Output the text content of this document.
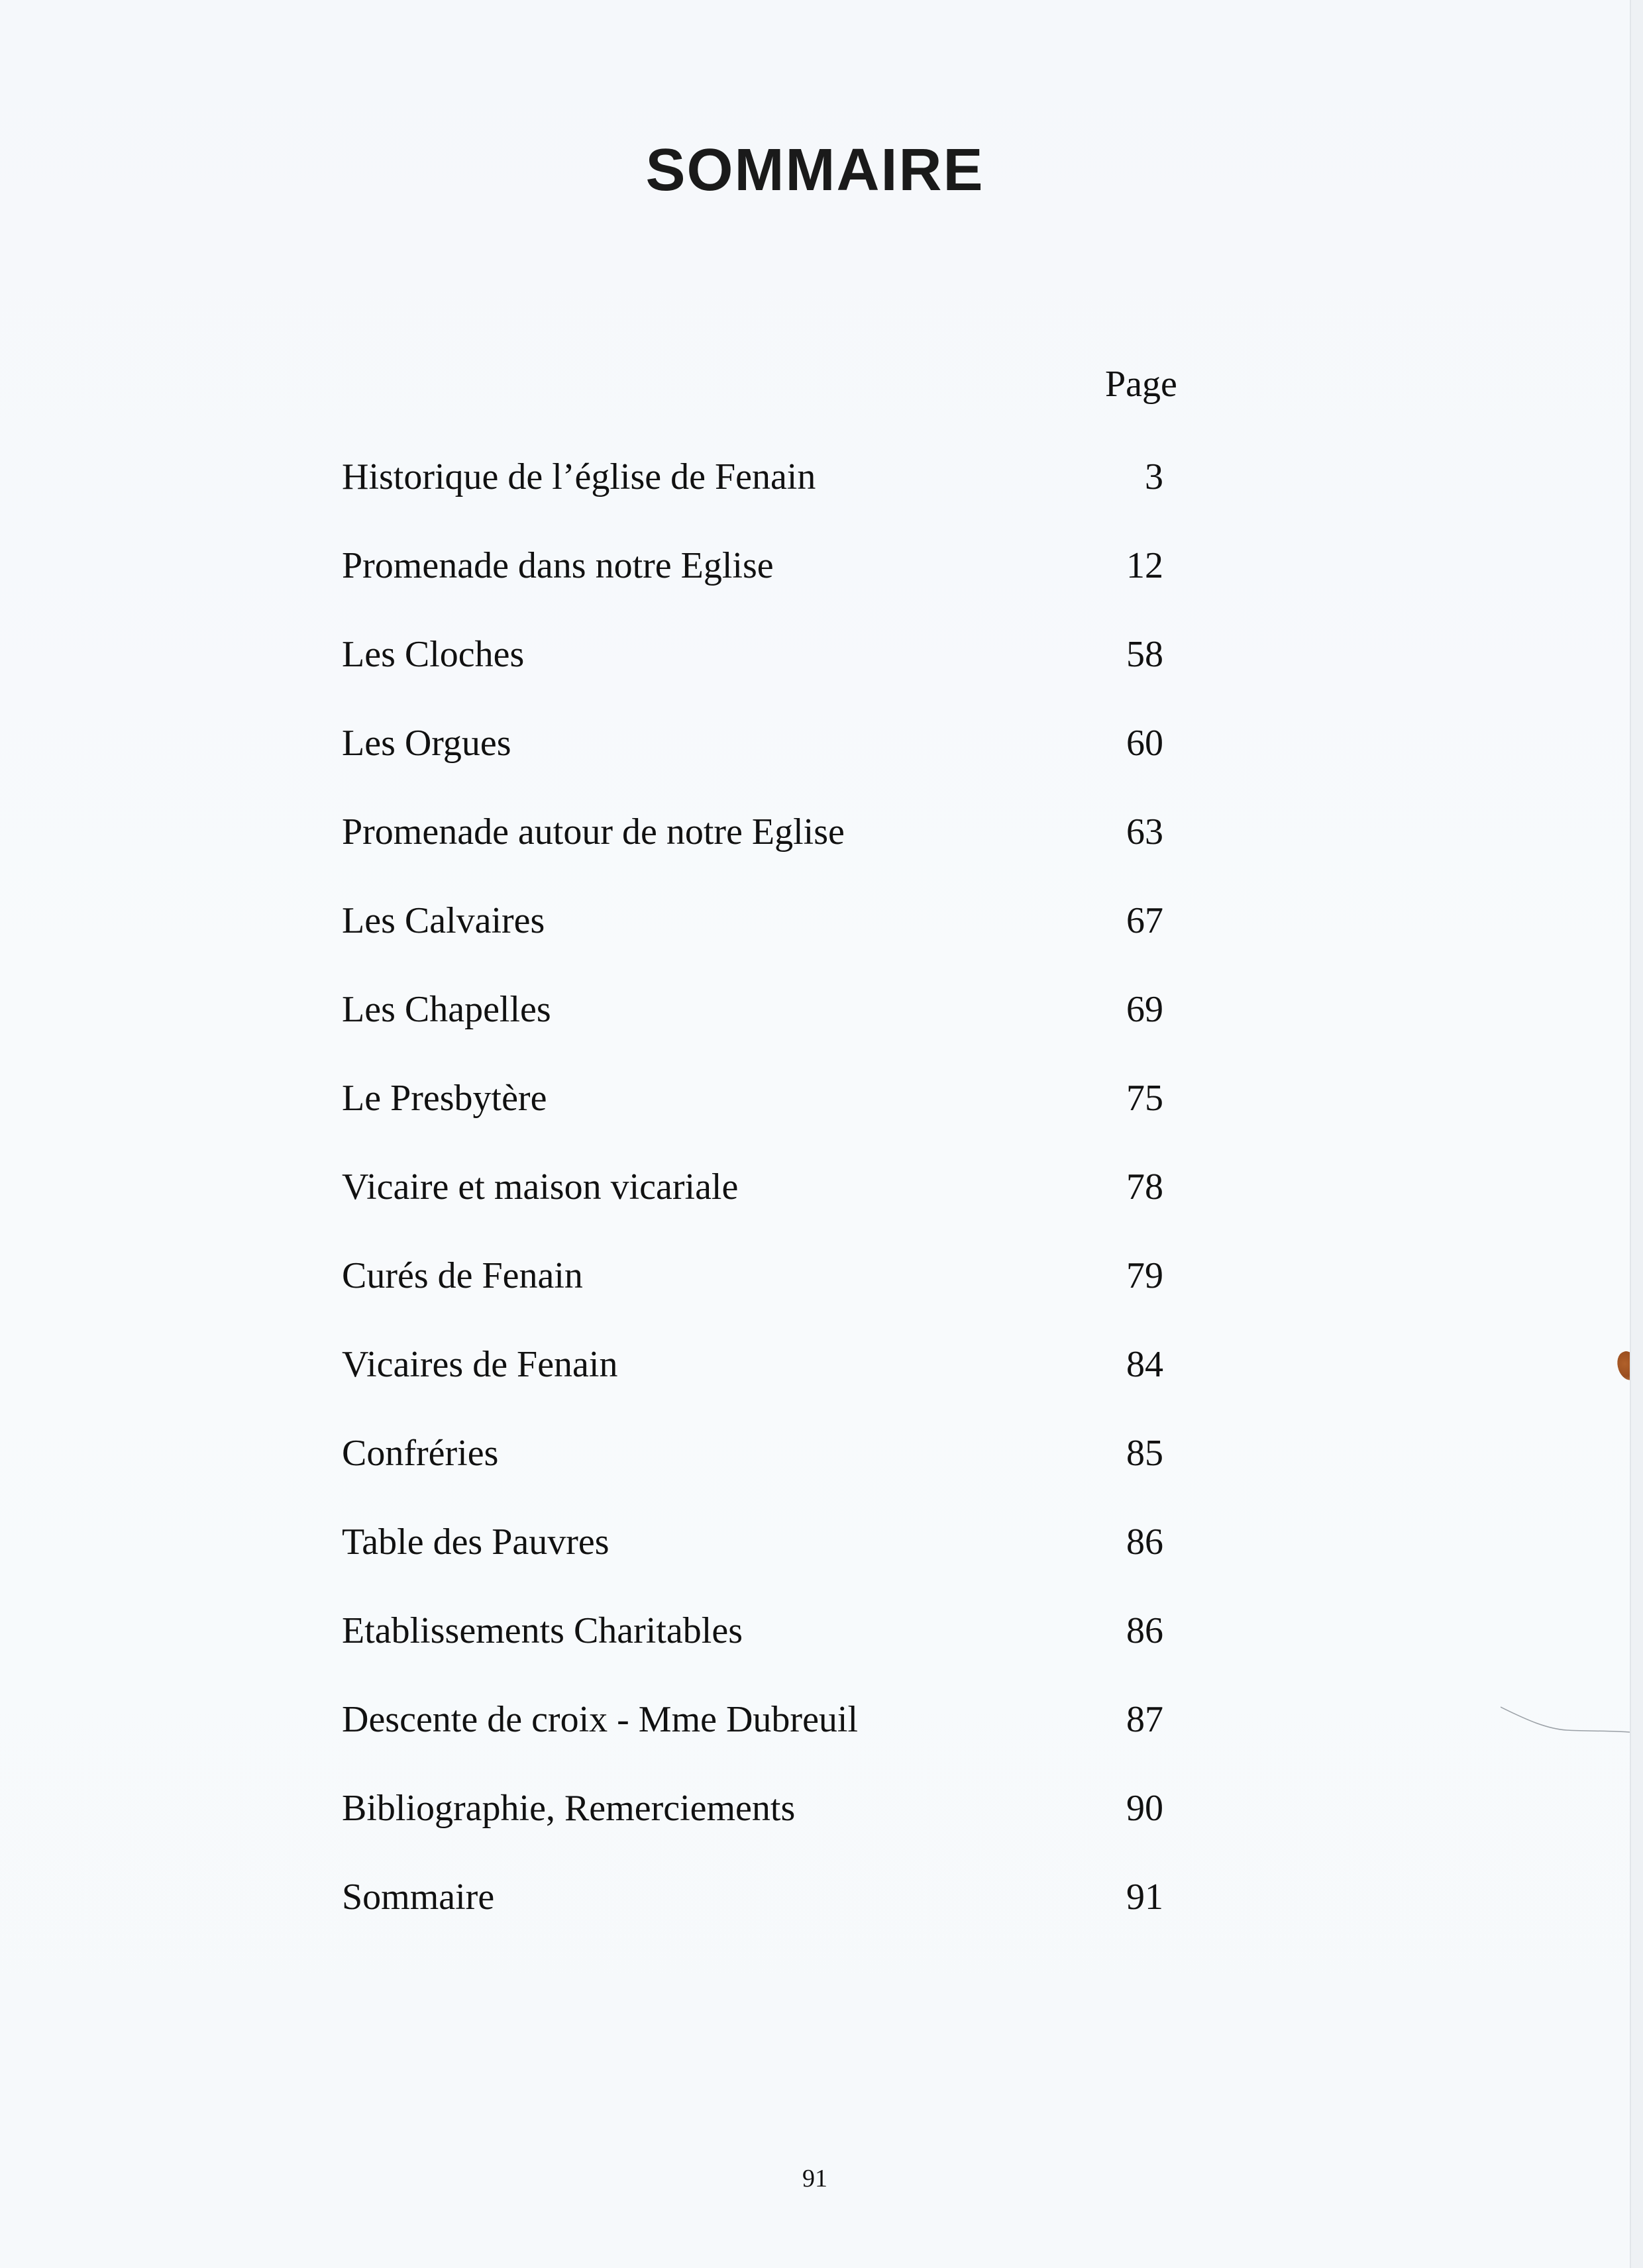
SOMMAIRE
Page
Historique de l’église de Fenain	3
Promenade dans notre Eglise	12
Les Cloches	58
Les Orgues	60
Promenade autour de notre Eglise	63
Les Calvaires	67
Les Chapelles	69
Le Presbytère	75
Vicaire et maison vicariale	78
Curés de Fenain	79
Vicaires de Fenain	84
Confréries	85
Table des Pauvres	86
Etablissements Charitables	86
Descente de croix - Mme Dubreuil	87
Bibliographie, Remerciements	90
Sommaire	91
91
